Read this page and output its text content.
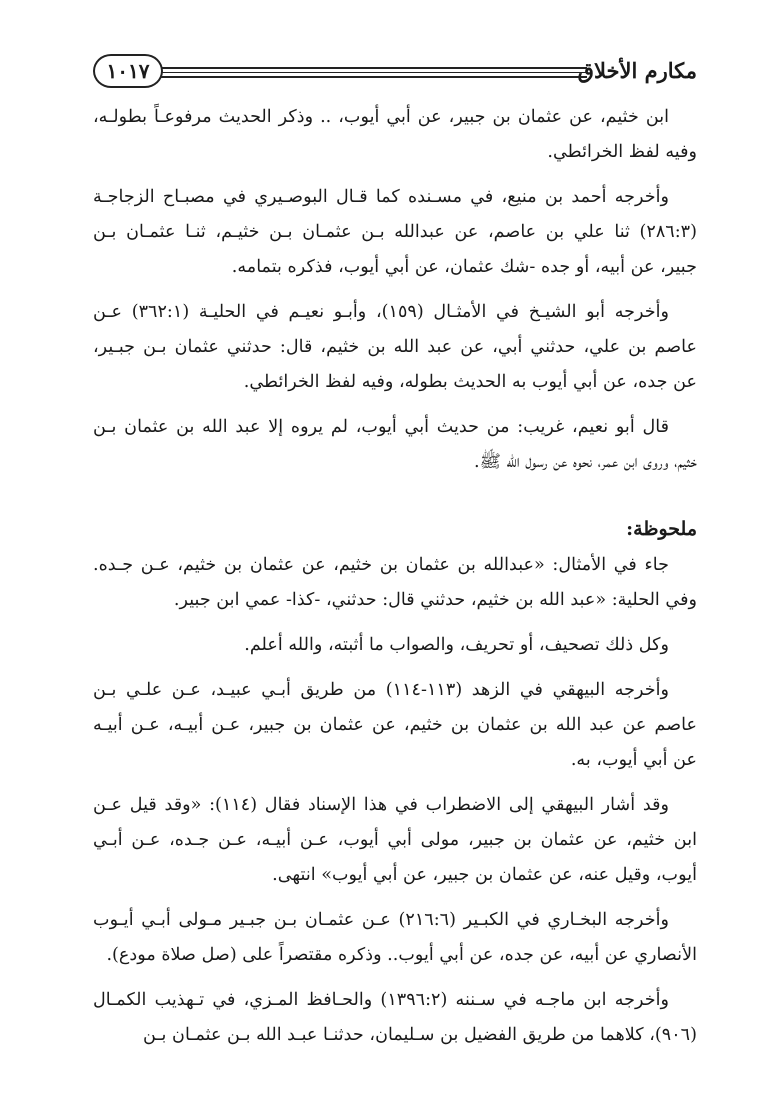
مكارم الأخلاق
١٠١٧
ابن خثيم، عن عثمان بن جبير، عن أبي أيوب، .. وذكر الحديث مرفوعـاً بطولـه،
وفيه لفظ الخرائطي.
وأخرجه أحمد بن منيع، في مسـنده كما قـال البوصـيري في مصبـاح الزجاجـة
(٢٨٦:٣) ثنا علي بن عاصم، عن عبدالله بـن عثمـان بـن خثيـم، ثنـا عثمـان بـن
جبير، عن أبيه، أو جده -شك عثمان، عن أبي أيوب، فذكره بتمامه.
وأخرجه أبو الشيـخ في الأمثـال (١٥٩)، وأبـو نعيـم في الحليـة (٣٦٢:١) عـن
عاصم بن علي، حدثني أبي، عن عبد الله بن خثيم، قال: حدثني عثمان بـن جبـير،
عن جده، عن أبي أيوب به الحديث بطوله، وفيه لفظ الخرائطي.
قال أبو نعيم، غريب: من حديث أبي أيوب، لم يروه إلا عبد الله بن عثمان بـن
خثيم، وروى ابن عمر، نحوه عن رسول الله ﷺ.
ملحوظة:
جاء في الأمثال: «عبدالله بن عثمان بن خثيم، عن عثمان بن خثيم، عـن جـده.
وفي الحلية: «عبد الله بن خثيم، حدثني قال: حدثني، -كذا- عمي ابن جبير.
وكل ذلك تصحيف، أو تحريف، والصواب ما أثبته، والله أعلم.
وأخرجه البيهقي في الزهد (١١٣-١١٤) من طريق أبـي عبيـد، عـن علـي بـن
عاصم عن عبد الله بن عثمان بن خثيم، عن عثمان بن جبير، عـن أبيـه، عـن أبيـه
عن أبي أيوب، به.
وقد أشار البيهقي إلى الاضطراب في هذا الإسناد فقال (١١٤): «وقد قيل عـن
ابن خثيم، عن عثمان بن جبير، مولى أبي أيوب، عـن أبيـه، عـن جـده، عـن أبـي
أيوب، وقيل عنه، عن عثمان بن جبير، عن أبي أيوب» انتهى.
وأخرجه البخـاري في الكبـير (٢١٦:٦) عـن عثمـان بـن جبـير مـولى أبـي أيـوب
الأنصاري عن أبيه، عن جده، عن أبي أيوب.. وذكره مقتصراً على (صل صلاة مودع).
وأخرجه ابن ماجـه في سـننه (١٣٩٦:٢) والحـافظ المـزي، في تـهذيب الكمـال
(٩٠٦)، كلاهما من طريق الفضيل بن سـليمان، حدثنـا عبـد الله بـن عثمـان بـن
